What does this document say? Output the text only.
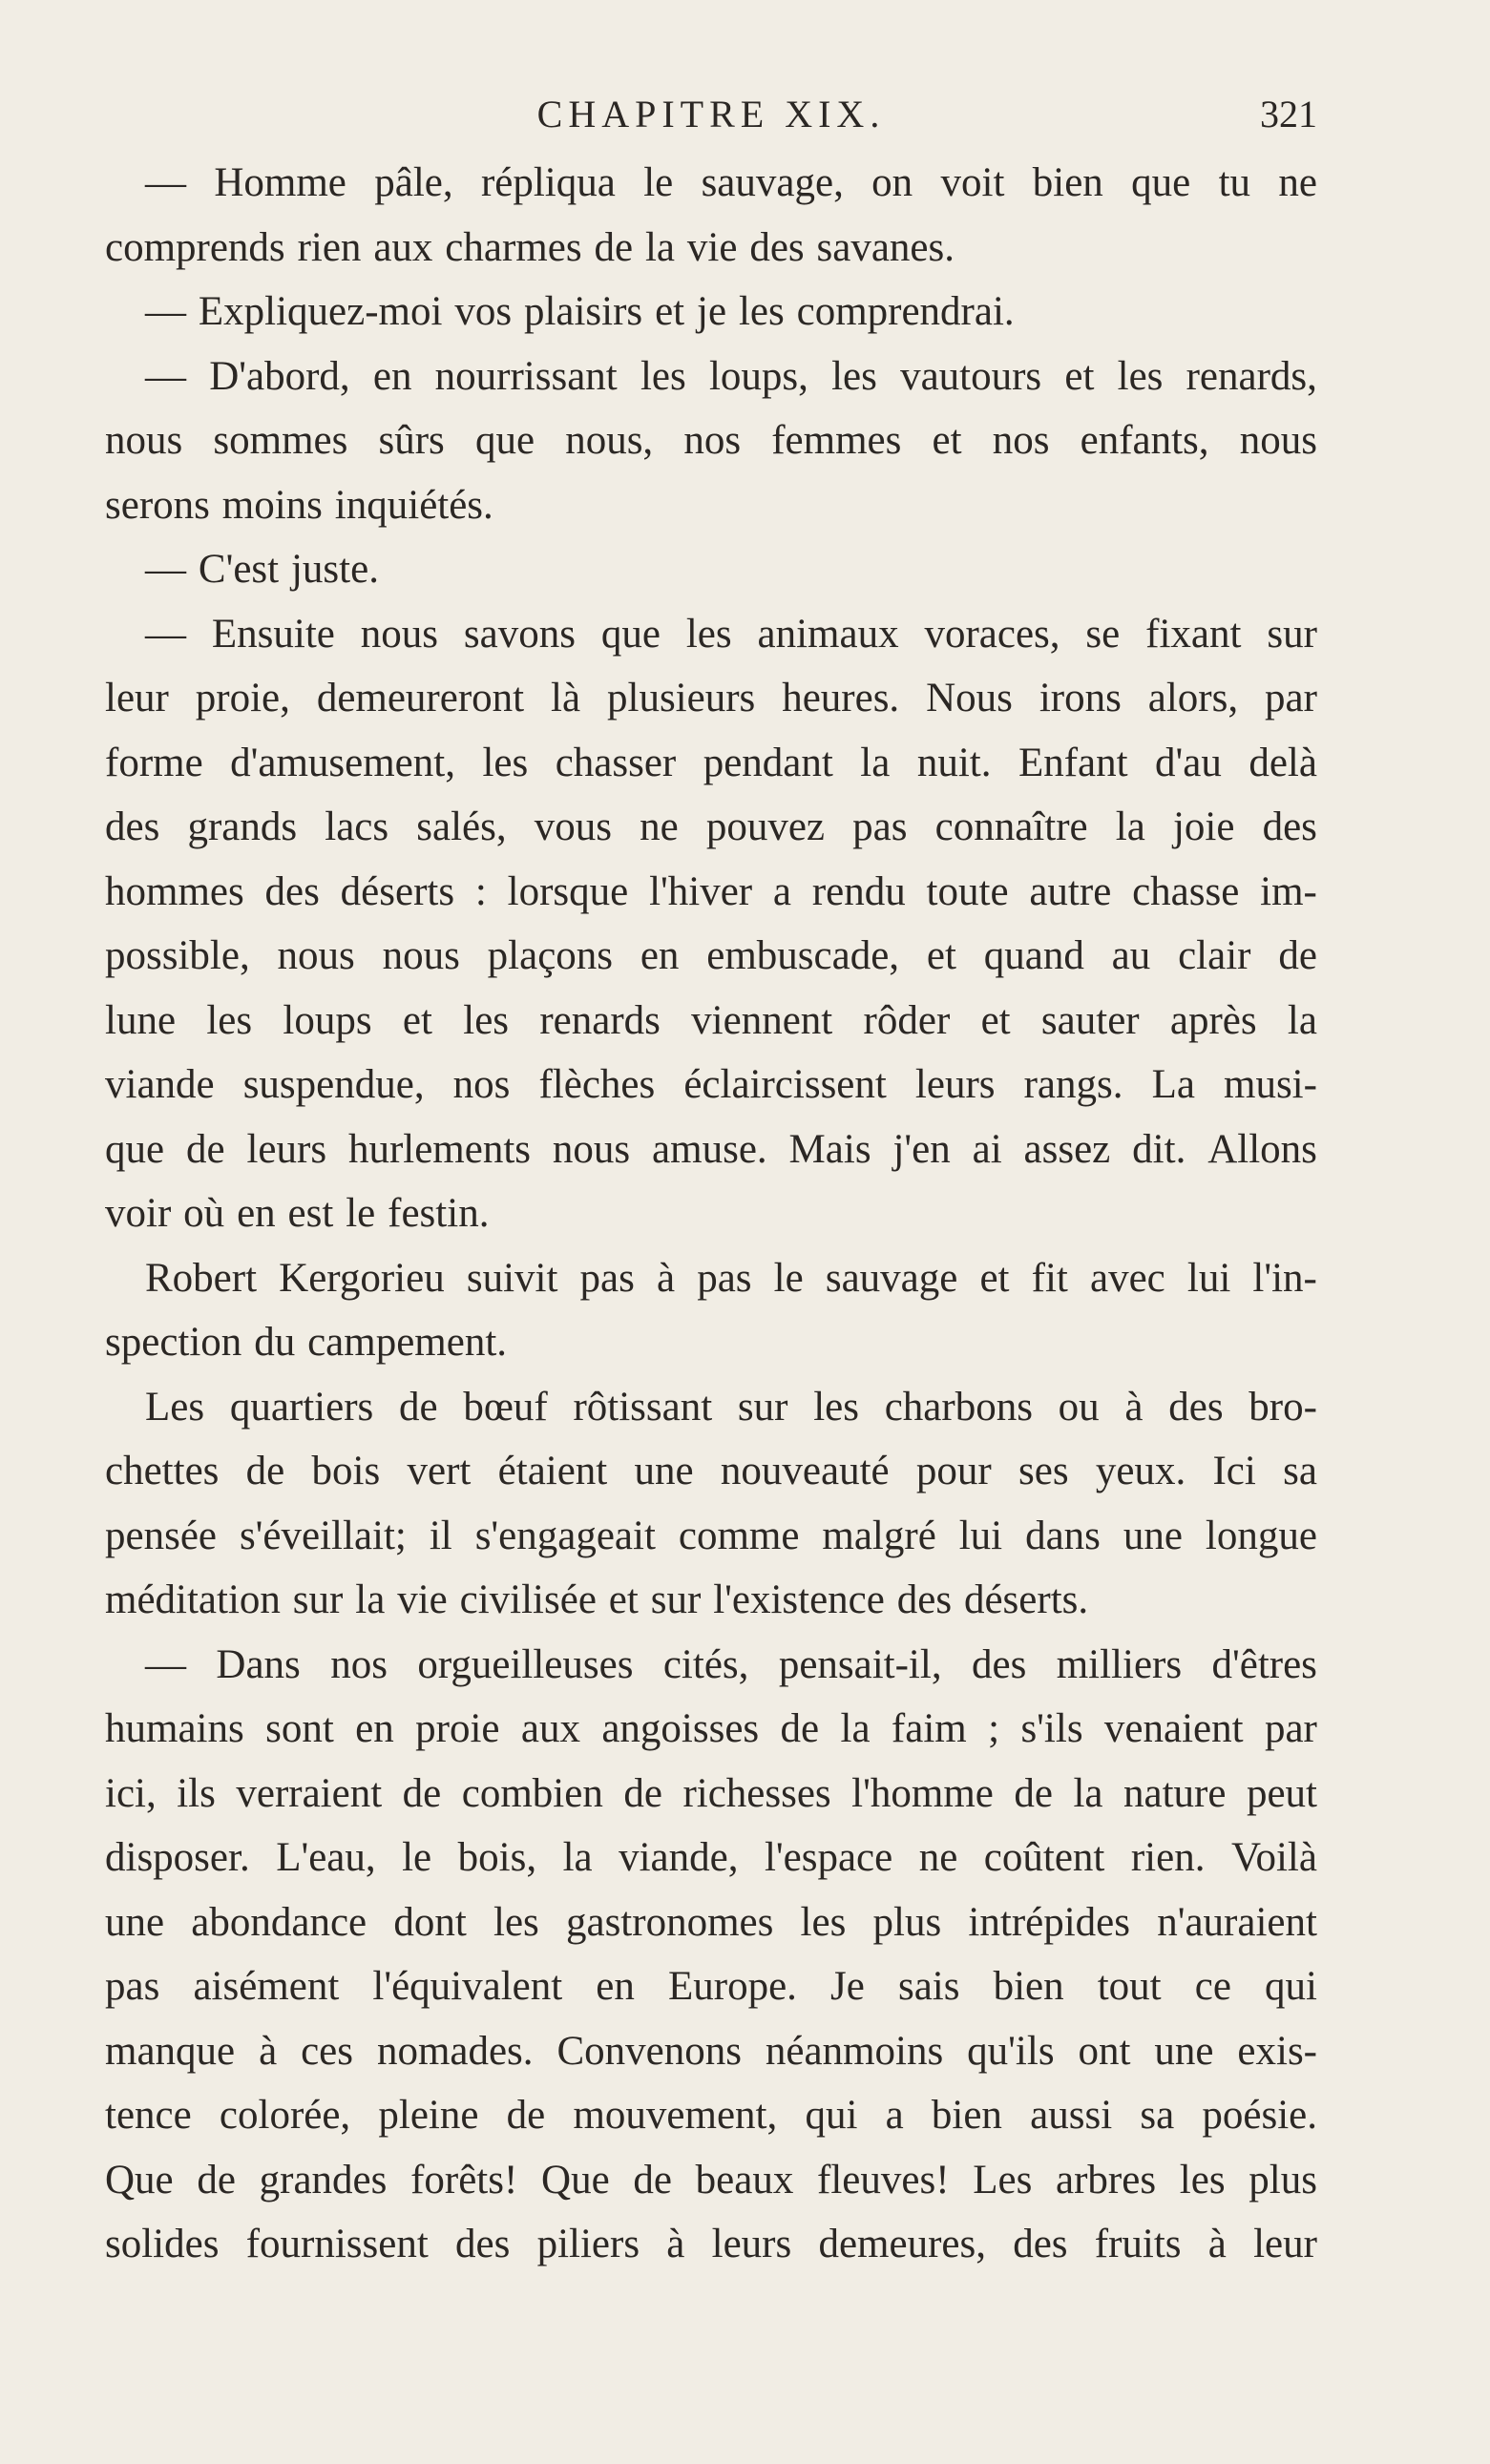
CHAPITRE XIX.	321
— Homme pâle, répliqua le sauvage, on voit bien que tu ne
comprends rien aux charmes de la vie des savanes.
— Expliquez-moi vos plaisirs et je les comprendrai.
— D'abord, en nourrissant les loups, les vautours et les renards,
nous sommes sûrs que nous, nos femmes et nos enfants, nous
serons moins inquiétés.
— C'est juste.
— Ensuite nous savons que les animaux voraces, se fixant sur
leur proie, demeureront là plusieurs heures. Nous irons alors, par
forme d'amusement, les chasser pendant la nuit. Enfant d'au delà
des grands lacs salés, vous ne pouvez pas connaître la joie des
hommes des déserts : lorsque l'hiver a rendu toute autre chasse im-
possible, nous nous plaçons en embuscade, et quand au clair de
lune les loups et les renards viennent rôder et sauter après la
viande suspendue, nos flèches éclaircissent leurs rangs. La musi-
que de leurs hurlements nous amuse. Mais j'en ai assez dit. Allons
voir où en est le festin.
Robert Kergorieu suivit pas à pas le sauvage et fit avec lui l'in-
spection du campement.
Les quartiers de bœuf rôtissant sur les charbons ou à des bro-
chettes de bois vert étaient une nouveauté pour ses yeux. Ici sa
pensée s'éveillait; il s'engageait comme malgré lui dans une longue
méditation sur la vie civilisée et sur l'existence des déserts.
— Dans nos orgueilleuses cités, pensait-il, des milliers d'êtres
humains sont en proie aux angoisses de la faim ; s'ils venaient par
ici, ils verraient de combien de richesses l'homme de la nature peut
disposer. L'eau, le bois, la viande, l'espace ne coûtent rien. Voilà
une abondance dont les gastronomes les plus intrépides n'auraient
pas aisément l'équivalent en Europe. Je sais bien tout ce qui
manque à ces nomades. Convenons néanmoins qu'ils ont une exis-
tence colorée, pleine de mouvement, qui a bien aussi sa poésie.
Que de grandes forêts! Que de beaux fleuves! Les arbres les plus
solides fournissent des piliers à leurs demeures, des fruits à leur
